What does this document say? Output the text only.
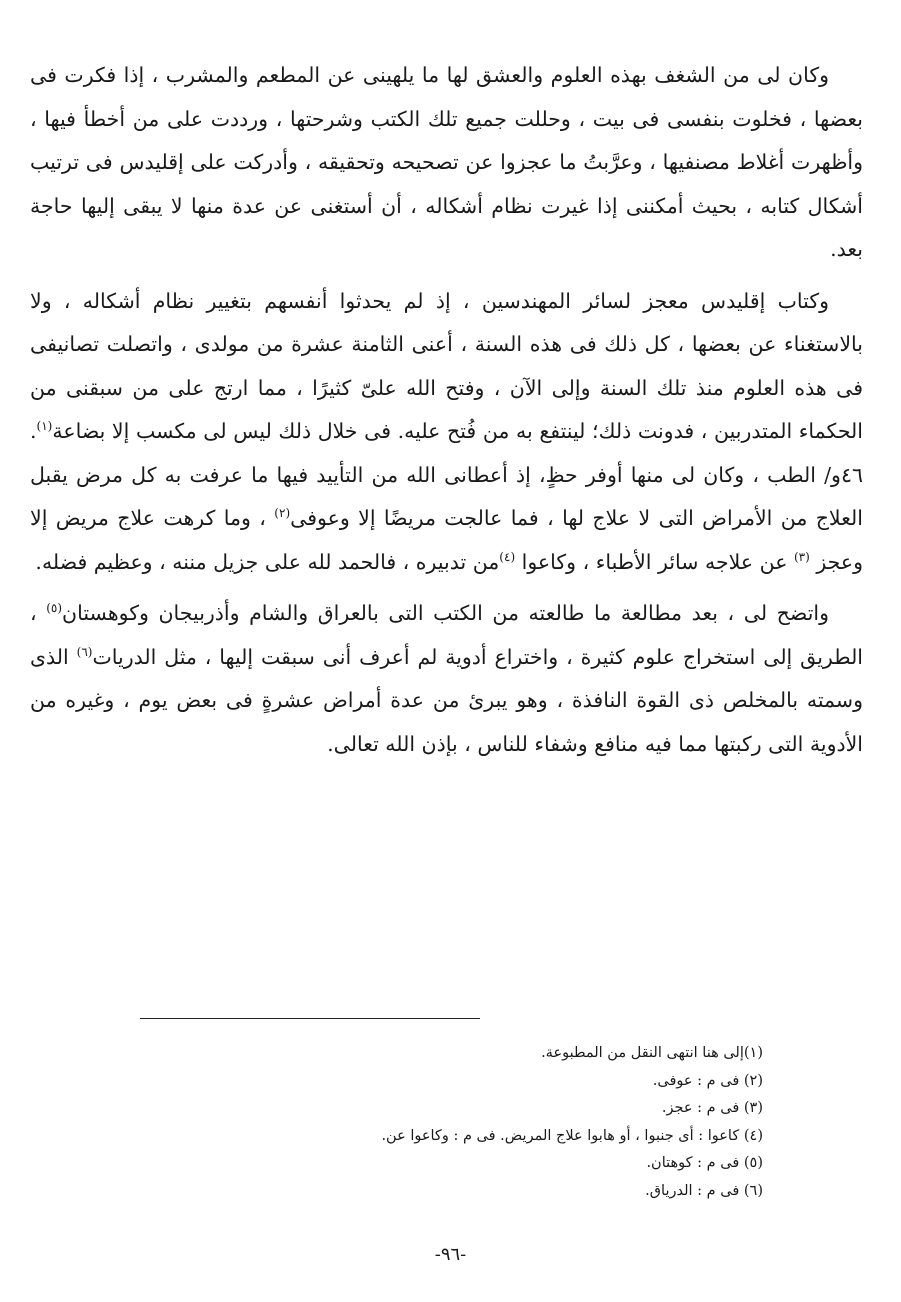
وكان لى من الشغف بهذه العلوم والعشق لها ما يلهينى عن المطعم والمشرب ، إذا فكرت فى بعضها ، فخلوت بنفسى فى بيت ، وحللت جميع تلك الكتب وشرحتها ، ورددت على من أخطأ فيها ، وأظهرت أغلاط مصنفيها ، وعرَّبتُ ما عجزوا عن تصحيحه وتحقيقه ، وأدركت على إقليدس فى ترتيب أشكال كتابه ، بحيث أمكننى إذا غيرت نظام أشكاله ، أن أستغنى عن عدة منها لا يبقى إليها حاجة بعد.

وكتاب إقليدس معجز لسائر المهندسين ، إذ لم يحدثوا أنفسهم بتغيير نظام أشكاله ، ولا بالاستغناء عن بعضها ، كل ذلك فى هذه السنة ، أعنى الثامنة عشرة من مولدى ، واتصلت تصانيفى فى هذه العلوم منذ تلك السنة وإلى الآن ، وفتح الله علىّ كثيرًا ، مما ارتج على من سبقنى من الحكماء المتدربين ، فدونت ذلك؛ لينتفع به من فُتح عليه. فى خلال ذلك ليس لى مكسب إلا بضاعة$^{(١)}$. ٤٦و/ الطب ، وكان لى منها أوفر حظٍ، إذ أعطانى الله من التأييد فيها ما عرفت به كل مرض يقبل العلاج من الأمراض التى لا علاج لها ، فما عالجت مريضًا إلا وعوفى$^{(٢)}$ ، وما كرهت علاج مريض إلا وعجز $^{(٣)}$ عن علاجه سائر الأطباء ، وكاعوا $^{(٤)}$من تدبيره ، فالحمد لله على جزيل مننه ، وعظيم فضله.

واتضح لى ، بعد مطالعة ما طالعته من الكتب التى بالعراق والشام وأذربيجان وكوهستان$^{(٥)}$ ، الطريق إلى استخراج علوم كثيرة ، واختراع أدوية لم أعرف أنى سبقت إليها ، مثل الدريات$^{(٦)}$ الذى وسمته بالمخلص ذى القوة النافذة ، وهو يبرئ من عدة أمراض عشرةٍ فى بعض يوم ، وغيره من الأدوية التى ركبتها مما فيه منافع وشفاء للناس ، بإذن الله تعالى.

(١)إلى هنا انتهى النقل من المطبوعة.

(٢) فى م : عوفى.

(٣) فى م : عجز.

(٤) كاعوا : أى جنبوا ، أو هابوا علاج المريض. فى م : وكاعوا عن.

(٥) فى م : كوهتان.

(٦) فى م : الدرياق.

-٩٦-
